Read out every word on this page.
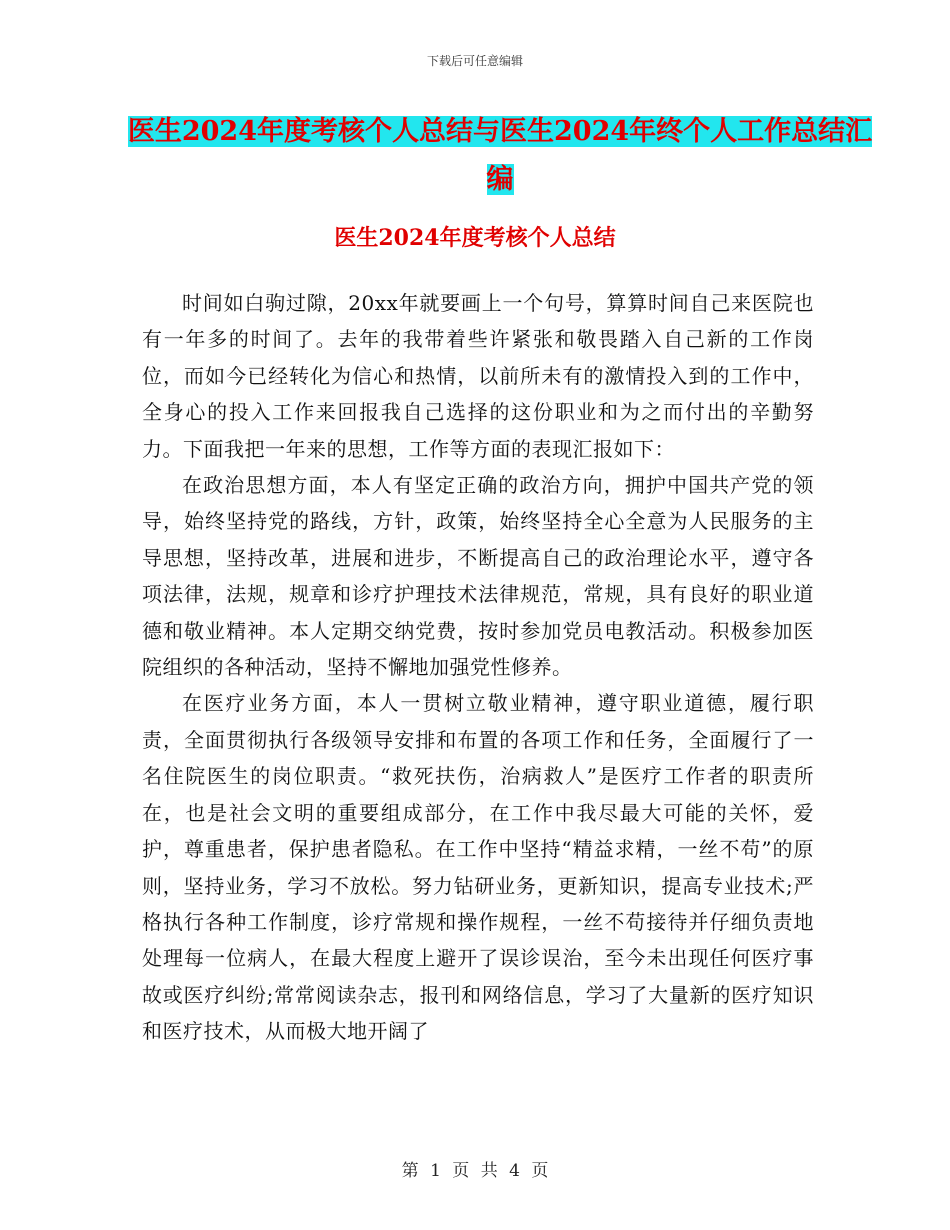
下载后可任意编辑
医生2024年度考核个人总结与医生2024年终个人工作总结汇编
医生2024年度考核个人总结

时间如白驹过隙，20xx年就要画上一个句号，算算时间自己来医院也有一年多的时间了。去年的我带着些许紧张和敬畏踏入自己新的工作岗位，而如今已经转化为信心和热情，以前所未有的激情投入到的工作中，全身心的投入工作来回报我自己选择的这份职业和为之而付出的辛勤努力。下面我把一年来的思想，工作等方面的表现汇报如下：

在政治思想方面，本人有坚定正确的政治方向，拥护中国共产党的领导，始终坚持党的路线，方针，政策，始终坚持全心全意为人民服务的主导思想，坚持改革，进展和进步，不断提高自己的政治理论水平，遵守各项法律，法规，规章和诊疗护理技术法律规范，常规，具有良好的职业道德和敬业精神。本人定期交纳党费，按时参加党员电教活动。积极参加医院组织的各种活动，坚持不懈地加强党性修养。

在医疗业务方面，本人一贯树立敬业精神，遵守职业道德，履行职责，全面贯彻执行各级领导安排和布置的各项工作和任务，全面履行了一名住院医生的岗位职责。“救死扶伤，治病救人”是医疗工作者的职责所在，也是社会文明的重要组成部分，在工作中我尽最大可能的关怀，爱护，尊重患者，保护患者隐私。在工作中坚持“精益求精，一丝不苟”的原则，坚持业务，学习不放松。努力钻研业务，更新知识，提高专业技术;严格执行各种工作制度，诊疗常规和操作规程，一丝不苟接待并仔细负责地处理每一位病人，在最大程度上避开了误诊误治，至今未出现任何医疗事故或医疗纠纷;常常阅读杂志，报刊和网络信息，学习了大量新的医疗知识和医疗技术，从而极大地开阔了

第 1 页 共 4 页
